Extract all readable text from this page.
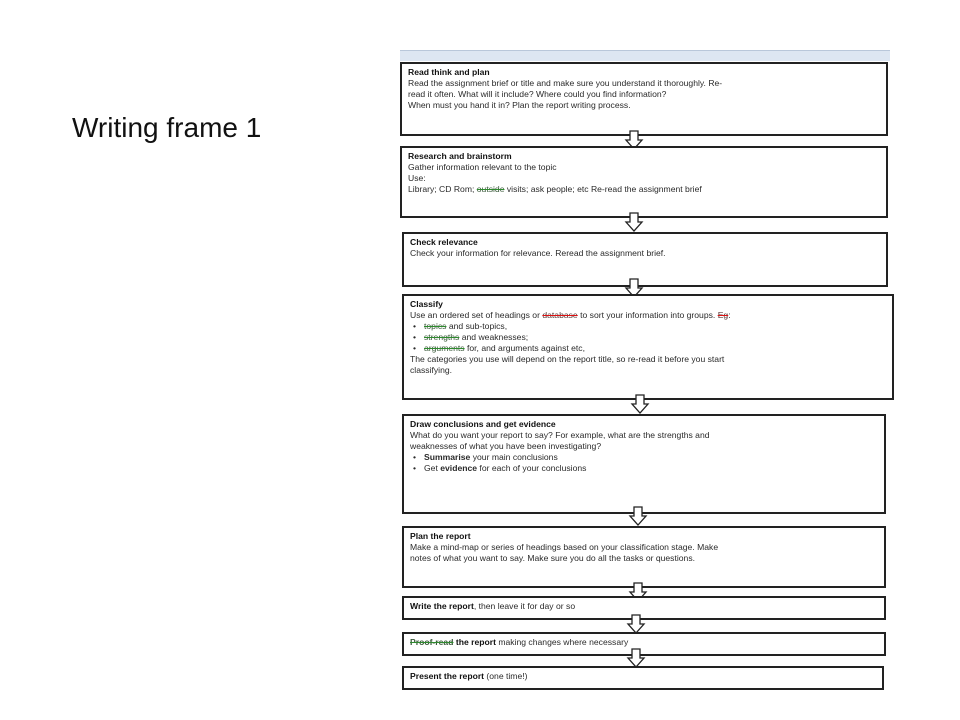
Writing frame 1

Read think and plan

Read the assignment brief or title and make sure you understand it thoroughly. Re-

read it often. What will it include? Where could you find information?

When must you hand it in? Plan the report writing process.

Research and brainstorm

Gather information relevant to the topic

Use:

Library; CD Rom; outside visits; ask people; etc Re-read the assignment brief

Check relevance

Check your information for relevance. Reread the assignment brief.

Classify

Use an ordered set of headings or database to sort your information into groups. Eg:

• topics and sub-topics,
• strengths and weaknesses;
• arguments for, and arguments against etc,

The categories you use will depend on the report title, so re-read it before you start

classifying.

Draw conclusions and get evidence

What do you want your report to say? For example, what are the strengths and

weaknesses of what you have been investigating?

• Summarise your main conclusions
• Get evidence for each of your conclusions

Plan the report

Make a mind-map or series of headings based on your classification stage. Make

notes of what you want to say. Make sure you do all the tasks or questions.

Write the report, then leave it for day or so

Proof-read the report making changes where necessary

Present the report (one time!)
